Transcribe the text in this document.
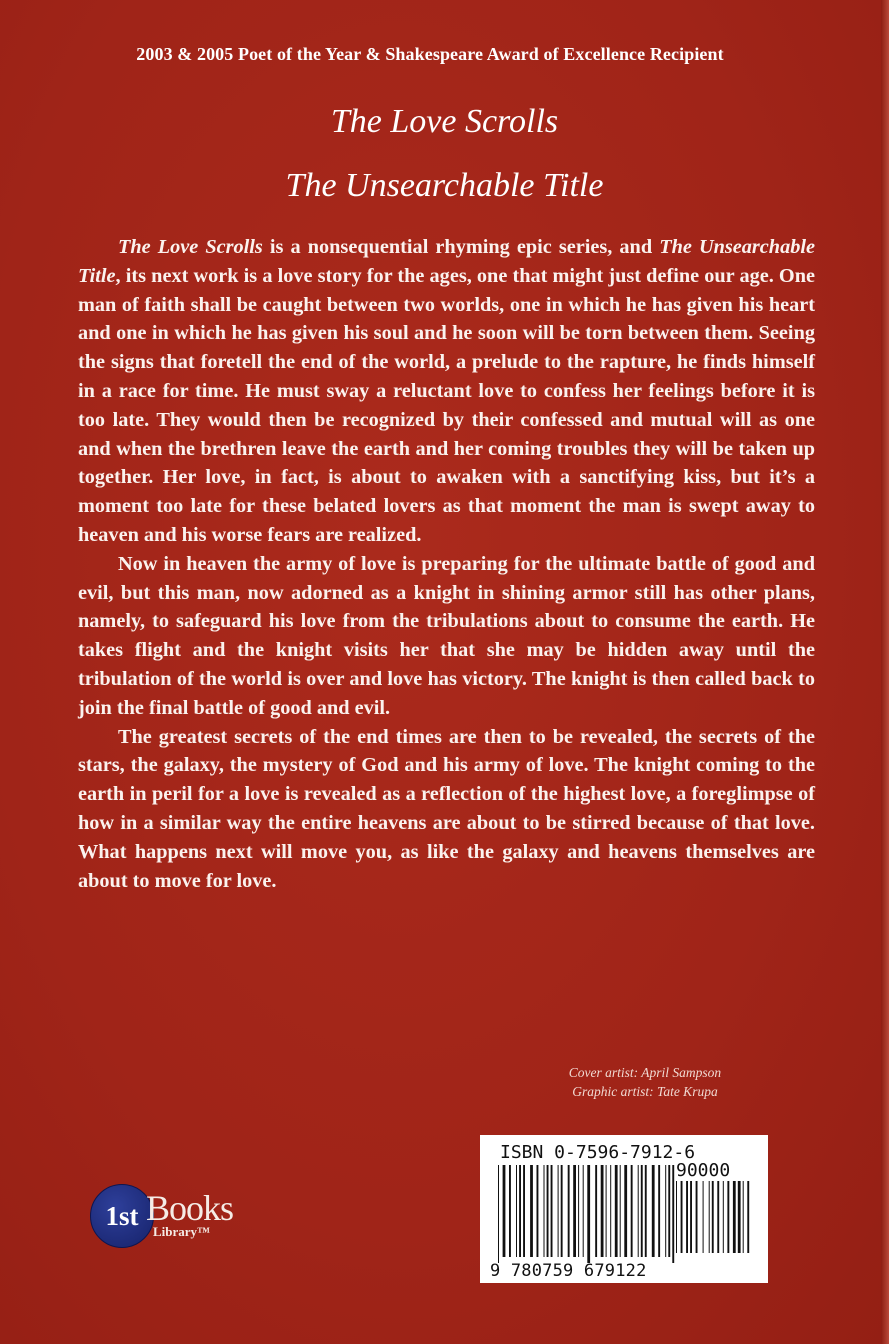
2003 & 2005 Poet of the Year & Shakespeare Award of Excellence Recipient
The Love Scrolls
The Unsearchable Title

The Love Scrolls is a nonsequential rhyming epic series, and The Unsearchable Title, its next work is a love story for the ages, one that might just define our age. One man of faith shall be caught between two worlds, one in which he has given his heart and one in which he has given his soul and he soon will be torn between them. Seeing the signs that foretell the end of the world, a prelude to the rapture, he finds himself in a race for time. He must sway a reluctant love to confess her feelings before it is too late. They would then be recognized by their confessed and mutual will as one and when the brethren leave the earth and her coming troubles they will be taken up together. Her love, in fact, is about to awaken with a sanctifying kiss, but it’s a moment too late for these belated lovers as that moment the man is swept away to heaven and his worse fears are realized.

Now in heaven the army of love is preparing for the ultimate battle of good and evil, but this man, now adorned as a knight in shining armor still has other plans, namely, to safeguard his love from the tribulations about to consume the earth. He takes flight and the knight visits her that she may be hidden away until the tribulation of the world is over and love has victory. The knight is then called back to join the final battle of good and evil.

The greatest secrets of the end times are then to be revealed, the secrets of the stars, the galaxy, the mystery of God and his army of love. The knight coming to the earth in peril for a love is revealed as a reflection of the highest love, a foreglimpse of how in a similar way the entire heavens are about to be stirred because of that love. What happens next will move you, as like the galaxy and heavens themselves are about to move for love.

Cover artist: April Sampson
Graphic artist: Tate Krupa
1st Books
Library™
ISBN 0-7596-7912-6
90000
9 780759 679122
